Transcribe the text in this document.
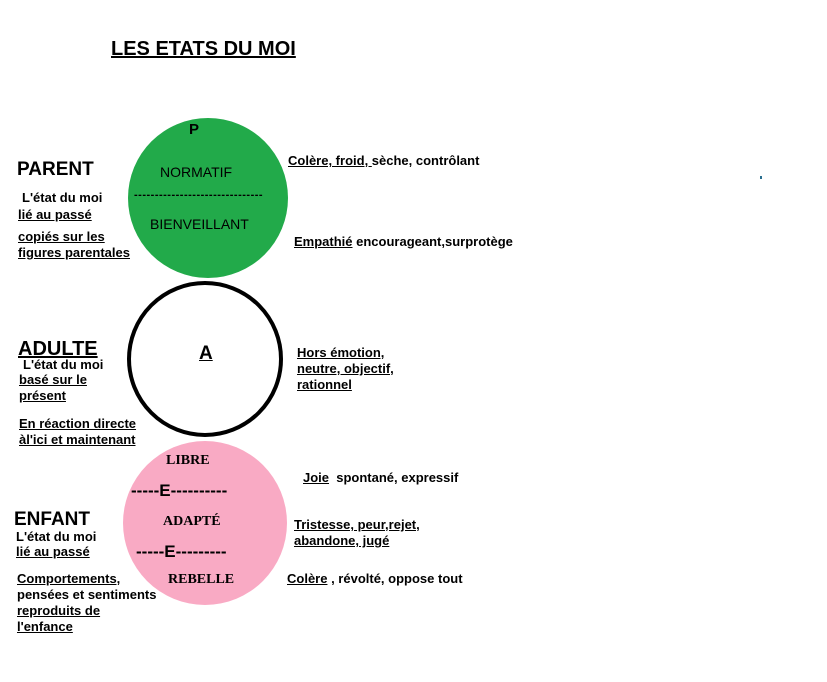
LES ETATS DU MOI
PARENT
P
NORMATIF
-------------------------------
BIENVEILLANT
L'état du moi
lié au passé
copiés sur les
figures parentales
Colère, froid, sèche, contrôlant
Empathié encourageant,surprotège
ADULTE	A
L'état du moi
basé sur le
présent
En réaction directe
àl'ici et maintenant
Hors émotion,
neutre, objectif,
rationnel
ENFANT
LIBRE
-----E----------
ADAPTÉ
-----E---------
REBELLE
L'état du moi
lié au passé
Comportements,
pensées et sentiments
reproduits de
l'enfance
Joie  spontané, expressif
Tristesse, peur,rejet,
abandone, jugé
Colère , révolté, oppose tout
